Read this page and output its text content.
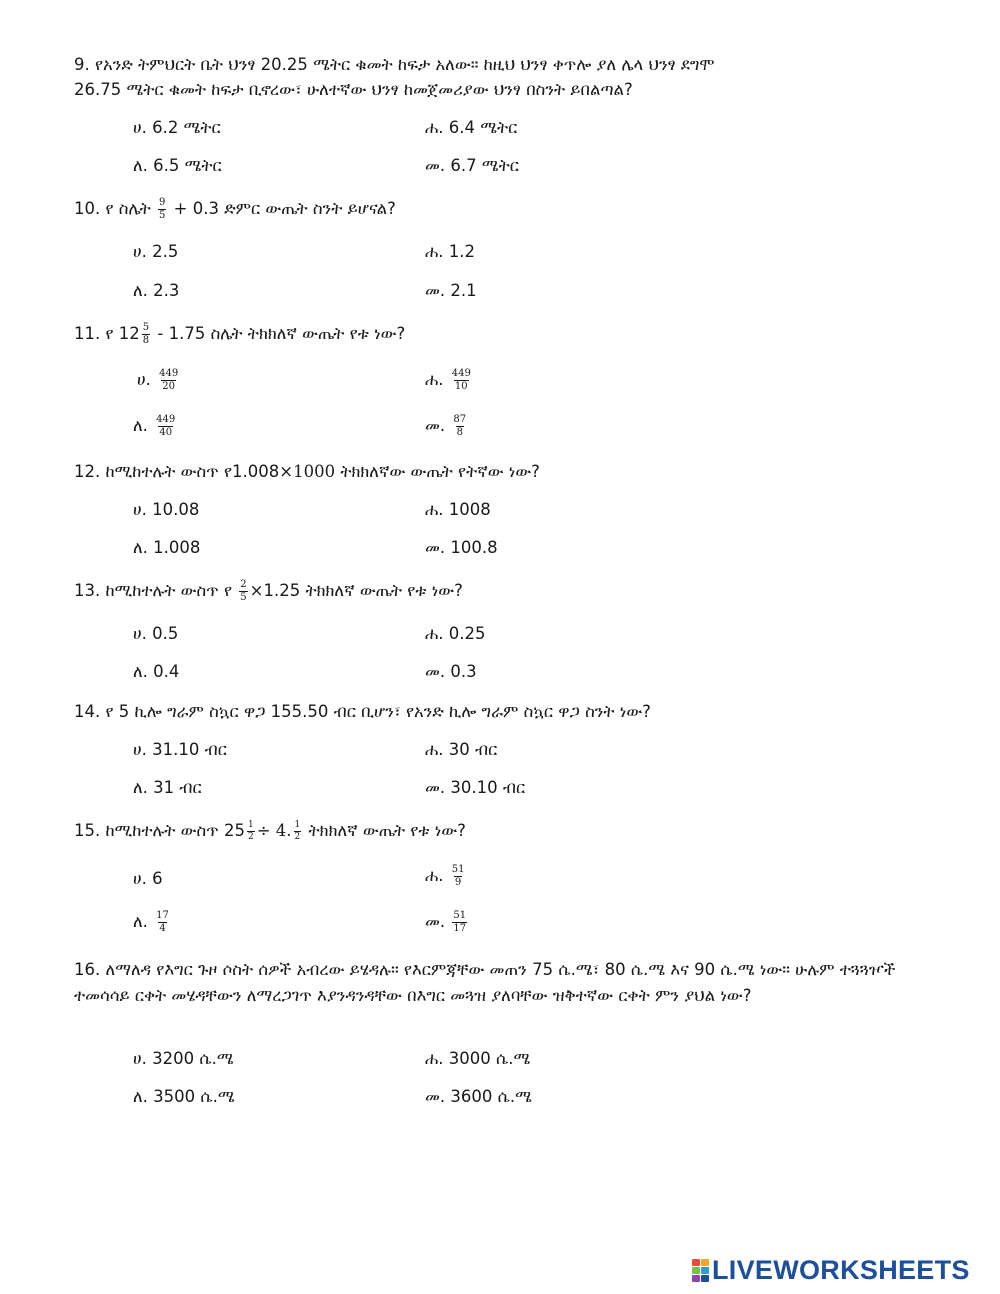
9. የአንድ ትምህርት ቤት ህንፃ 20.25 ሜትር ቁመት ከፍታ አለው። ከዚህ ህንፃ ቀጥሎ ያለ ሌላ ህንፃ ደግሞ
26.75 ሜትር ቁመት ከፍታ ቢኖረው፣ ሁለተኛው ህንፃ ከመጀመሪያው ህንፃ በስንት ይበልጣል?
ሀ. 6.2 ሜትር	ሐ. 6.4 ሜትር
ለ. 6.5 ሜትር	መ. 6.7 ሜትር
10. የ ስሌት $\frac{9}{5} + 0.3$ ድምር ውጤት ስንት ይሆናል?
ሀ. 2.5	ሐ. 1.2
ለ. 2.3	መ. 2.1
11. የ $12 \frac{5}{8} - 1.75$ ስሌት ትክክለኛ ውጤት የቱ ነው?
ሀ. $\frac{449}{20}$	ሐ. $\frac{449}{10}$
ለ. $\frac{449}{40}$	መ. $\frac{87}{8}$
12. ከሚከተሉት ውስጥ የ1.008×1000 ትክክለኛው ውጤት የትኛው ነው?
ሀ. 10.08	ሐ. 1008
ለ. 1.008	መ. 100.8
13. ከሚከተሉት ውስጥ የ $\frac{2}{5} \times 1.25$ ትክክለኛ ውጤት የቱ ነው?
ሀ. 0.5	ሐ. 0.25
ለ. 0.4	መ. 0.3
14. የ 5 ኪሎ ግራም ስኳር ዋጋ 155.50 ብር ቢሆን፣ የአንድ ኪሎ ግራም ስኳር ዋጋ ስንት ነው?
ሀ. 31.10 ብር	ሐ. 30 ብር
ለ. 31 ብር	መ. 30.10 ብር
15. ከሚከተሉት ውስጥ $25 \frac{1}{2} \div 4$. $\frac{1}{2}$ ትክክለኛ ውጤት የቱ ነው?
ሀ. 6	ሐ. $\frac{51}{9}$
ለ. $\frac{17}{4}$	መ. $\frac{51}{17}$
16. ለማለዳ የእግር ጉዞ ሶስት ሰዎች አብረው ይሄዳሉ። የእርምጃቸው መጠን 75 ሴ.ሜ፣ 80 ሴ.ሜ እና 90 ሴ.ሜ ነው። ሁሉም ተጓጓዦች ተመሳሳይ ርቀት መሄዳቸውን ለማረጋገጥ እያንዳንዳቸው በእግር መጓዝ ያለባቸው ዝቅተኛው ርቀት ምን ያህል ነው?
ሀ. 3200 ሴ.ሜ	ሐ. 3000 ሴ.ሜ
ለ. 3500 ሴ.ሜ	መ. 3600 ሴ.ሜ
LIVEWORKSHEETS
